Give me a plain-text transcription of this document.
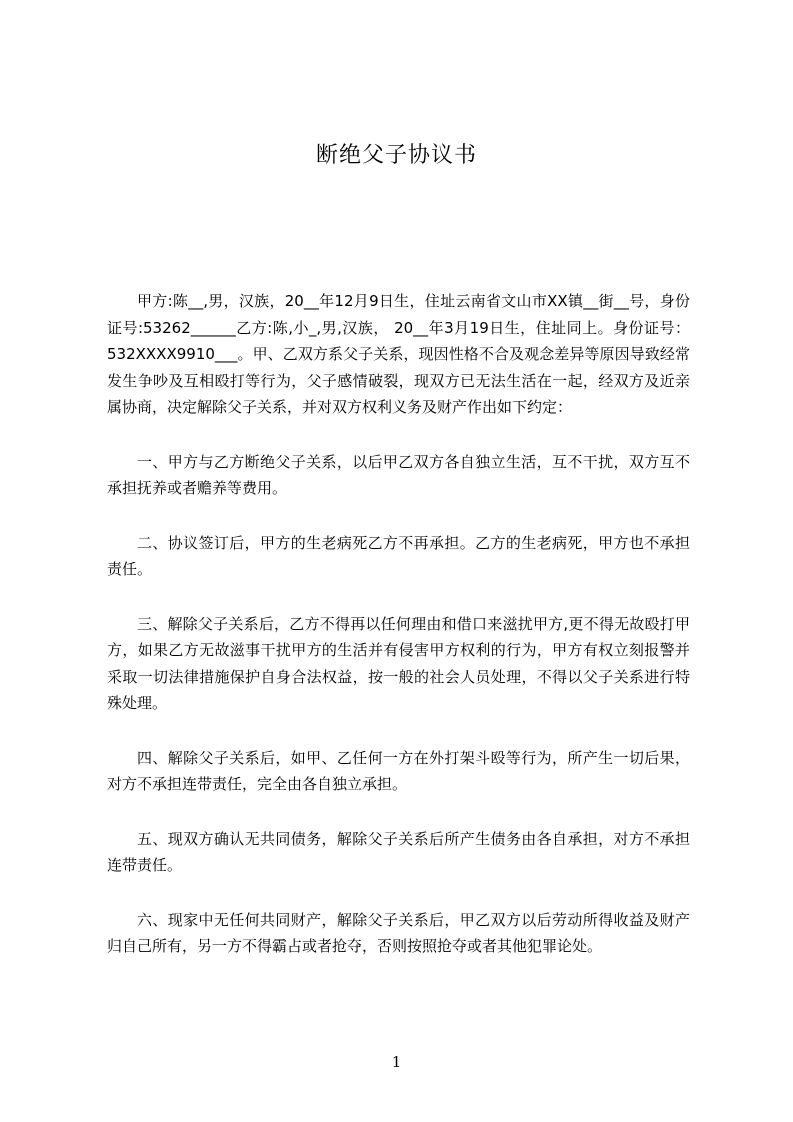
断绝父子协议书

甲方:陈__,男，汉族，20__年12月9日生，住址云南省文山市XX镇__街__号，身份证号:53262______乙方:陈,小_,男,汉族， 20__年3月19日生，住址同上。身份证号：532XXXX9910___。甲、乙双方系父子关系，现因性格不合及观念差异等原因导致经常发生争吵及互相殴打等行为，父子感情破裂，现双方已无法生活在一起，经双方及近亲属协商，决定解除父子关系，并对双方权利义务及财产作出如下约定：

一、甲方与乙方断绝父子关系，以后甲乙双方各自独立生活，互不干扰，双方互不承担抚养或者赡养等费用。

二、协议签订后，甲方的生老病死乙方不再承担。乙方的生老病死，甲方也不承担责任。

三、解除父子关系后，乙方不得再以任何理由和借口来滋扰甲方,更不得无故殴打甲方，如果乙方无故滋事干扰甲方的生活并有侵害甲方权利的行为，甲方有权立刻报警并采取一切法律措施保护自身合法权益，按一般的社会人员处理，不得以父子关系进行特殊处理。

四、解除父子关系后，如甲、乙任何一方在外打架斗殴等行为，所产生一切后果，对方不承担连带责任，完全由各自独立承担。

五、现双方确认无共同债务，解除父子关系后所产生债务由各自承担，对方不承担连带责任。

六、现家中无任何共同财产，解除父子关系后，甲乙双方以后劳动所得收益及财产归自己所有，另一方不得霸占或者抢夺，否则按照抢夺或者其他犯罪论处。

1
